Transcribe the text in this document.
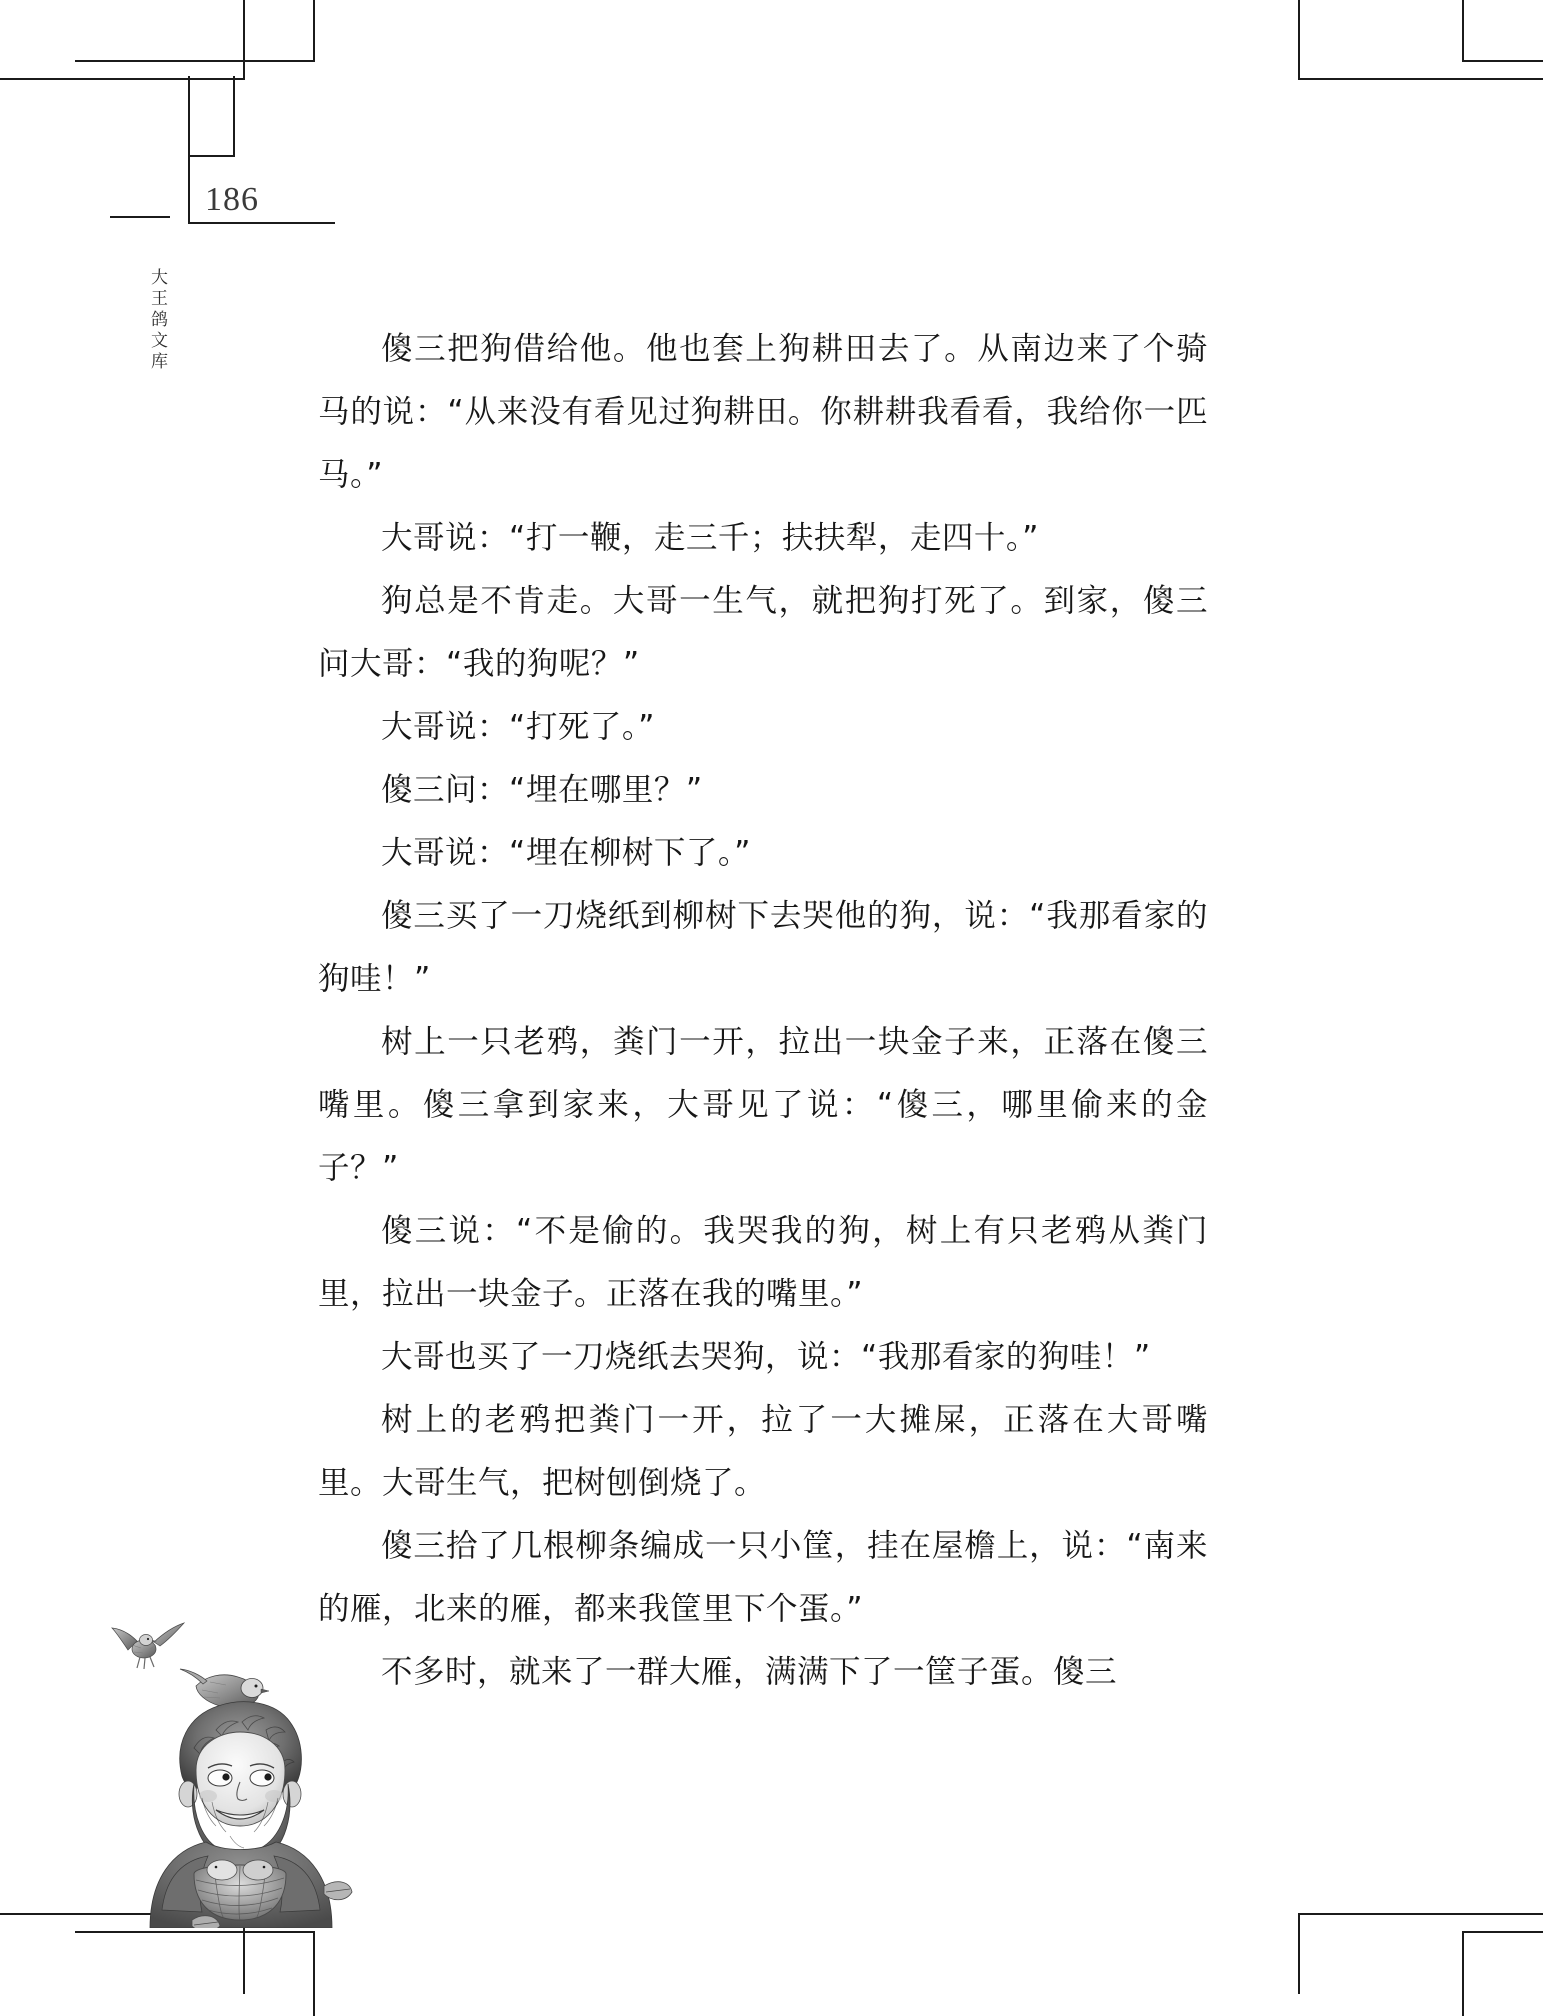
186
大王鸽文库	傻三把狗借给他。他也套上狗耕田去了。从南边来了个骑马的说：“从来没有看见过狗耕田。你耕耕我看看，我给你一匹马。”

大哥说：“打一鞭，走三千；扶扶犁，走四十。”

狗总是不肯走。大哥一生气，就把狗打死了。到家，傻三问大哥：“我的狗呢？”

大哥说：“打死了。”

傻三问：“埋在哪里？”

大哥说：“埋在柳树下了。”

傻三买了一刀烧纸到柳树下去哭他的狗，说：“我那看家的狗哇！”

树上一只老鸦，粪门一开，拉出一块金子来，正落在傻三嘴里。傻三拿到家来，大哥见了说：“傻三，哪里偷来的金子？”

傻三说：“不是偷的。我哭我的狗，树上有只老鸦从粪门里，拉出一块金子。正落在我的嘴里。”

大哥也买了一刀烧纸去哭狗，说：“我那看家的狗哇！”

树上的老鸦把粪门一开，拉了一大摊屎，正落在大哥嘴里。大哥生气，把树刨倒烧了。

傻三拾了几根柳条编成一只小筐，挂在屋檐上，说：“南来的雁，北来的雁，都来我筐里下个蛋。”

不多时，就来了一群大雁，满满下了一筐子蛋。傻三
